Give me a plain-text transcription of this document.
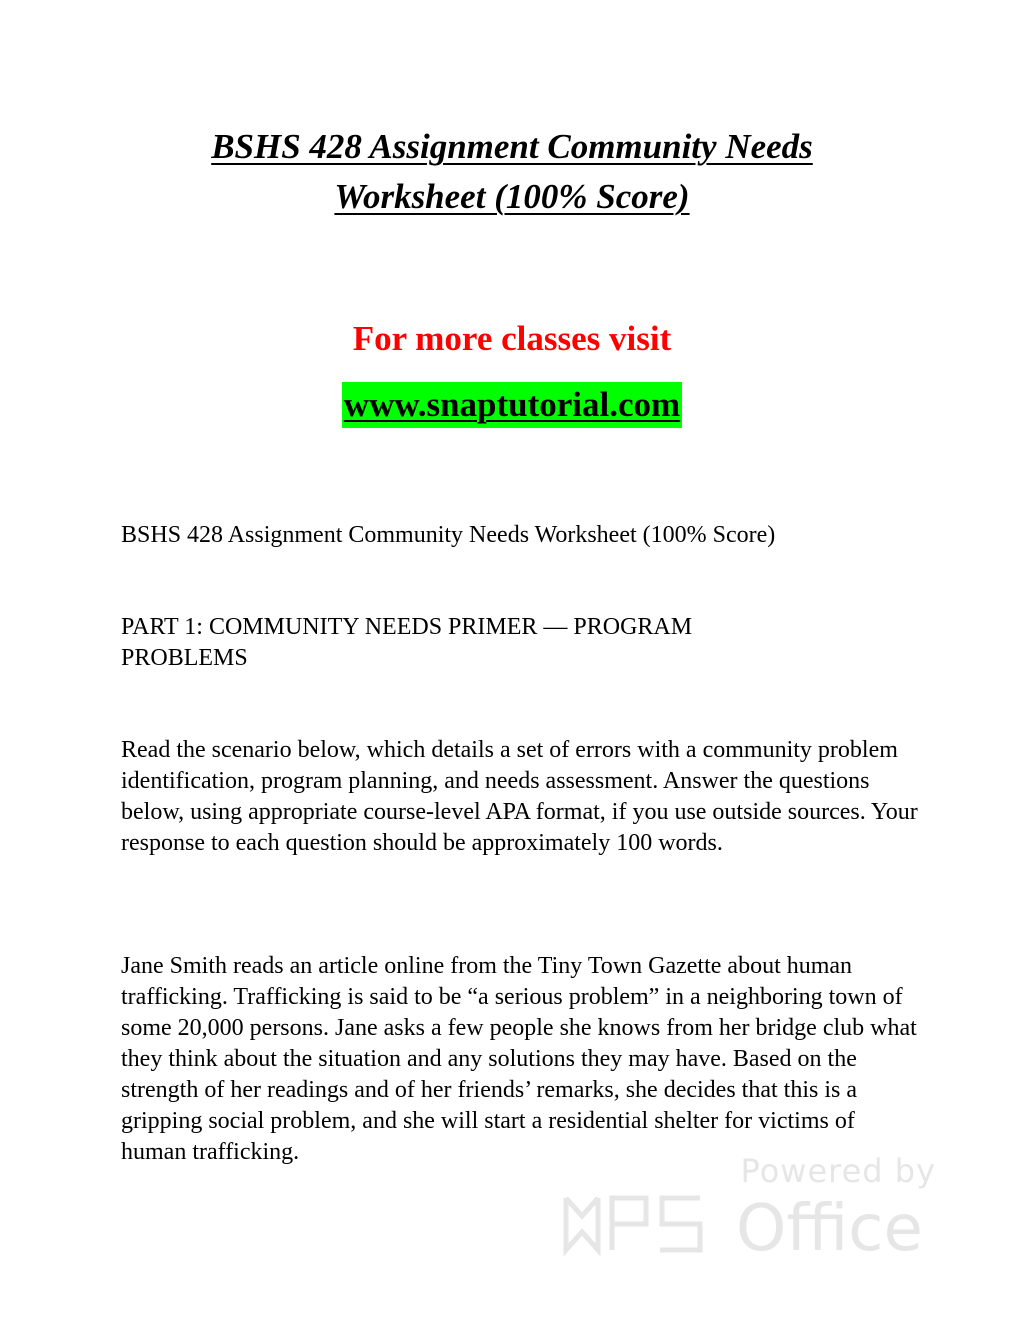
BSHS 428 Assignment Community Needs
Worksheet (100% Score)

For more classes visit

www.snaptutorial.com

BSHS 428 Assignment Community Needs Worksheet (100% Score)

PART 1: COMMUNITY NEEDS PRIMER ― PROGRAM PROBLEMS

Read the scenario below, which details a set of errors with a community problem identification, program planning, and needs assessment. Answer the questions below, using appropriate course-level APA format, if you use outside sources. Your response to each question should be approximately 100 words.

Jane Smith reads an article online from the Tiny Town Gazette about human trafficking. Trafficking is said to be “a serious problem” in a neighboring town of some 20,000 persons. Jane asks a few people she knows from her bridge club what they think about the situation and any solutions they may have. Based on the strength of her readings and of her friends’ remarks, she decides that this is a gripping social problem, and she will start a residential shelter for victims of human trafficking.	Powered by
Office
